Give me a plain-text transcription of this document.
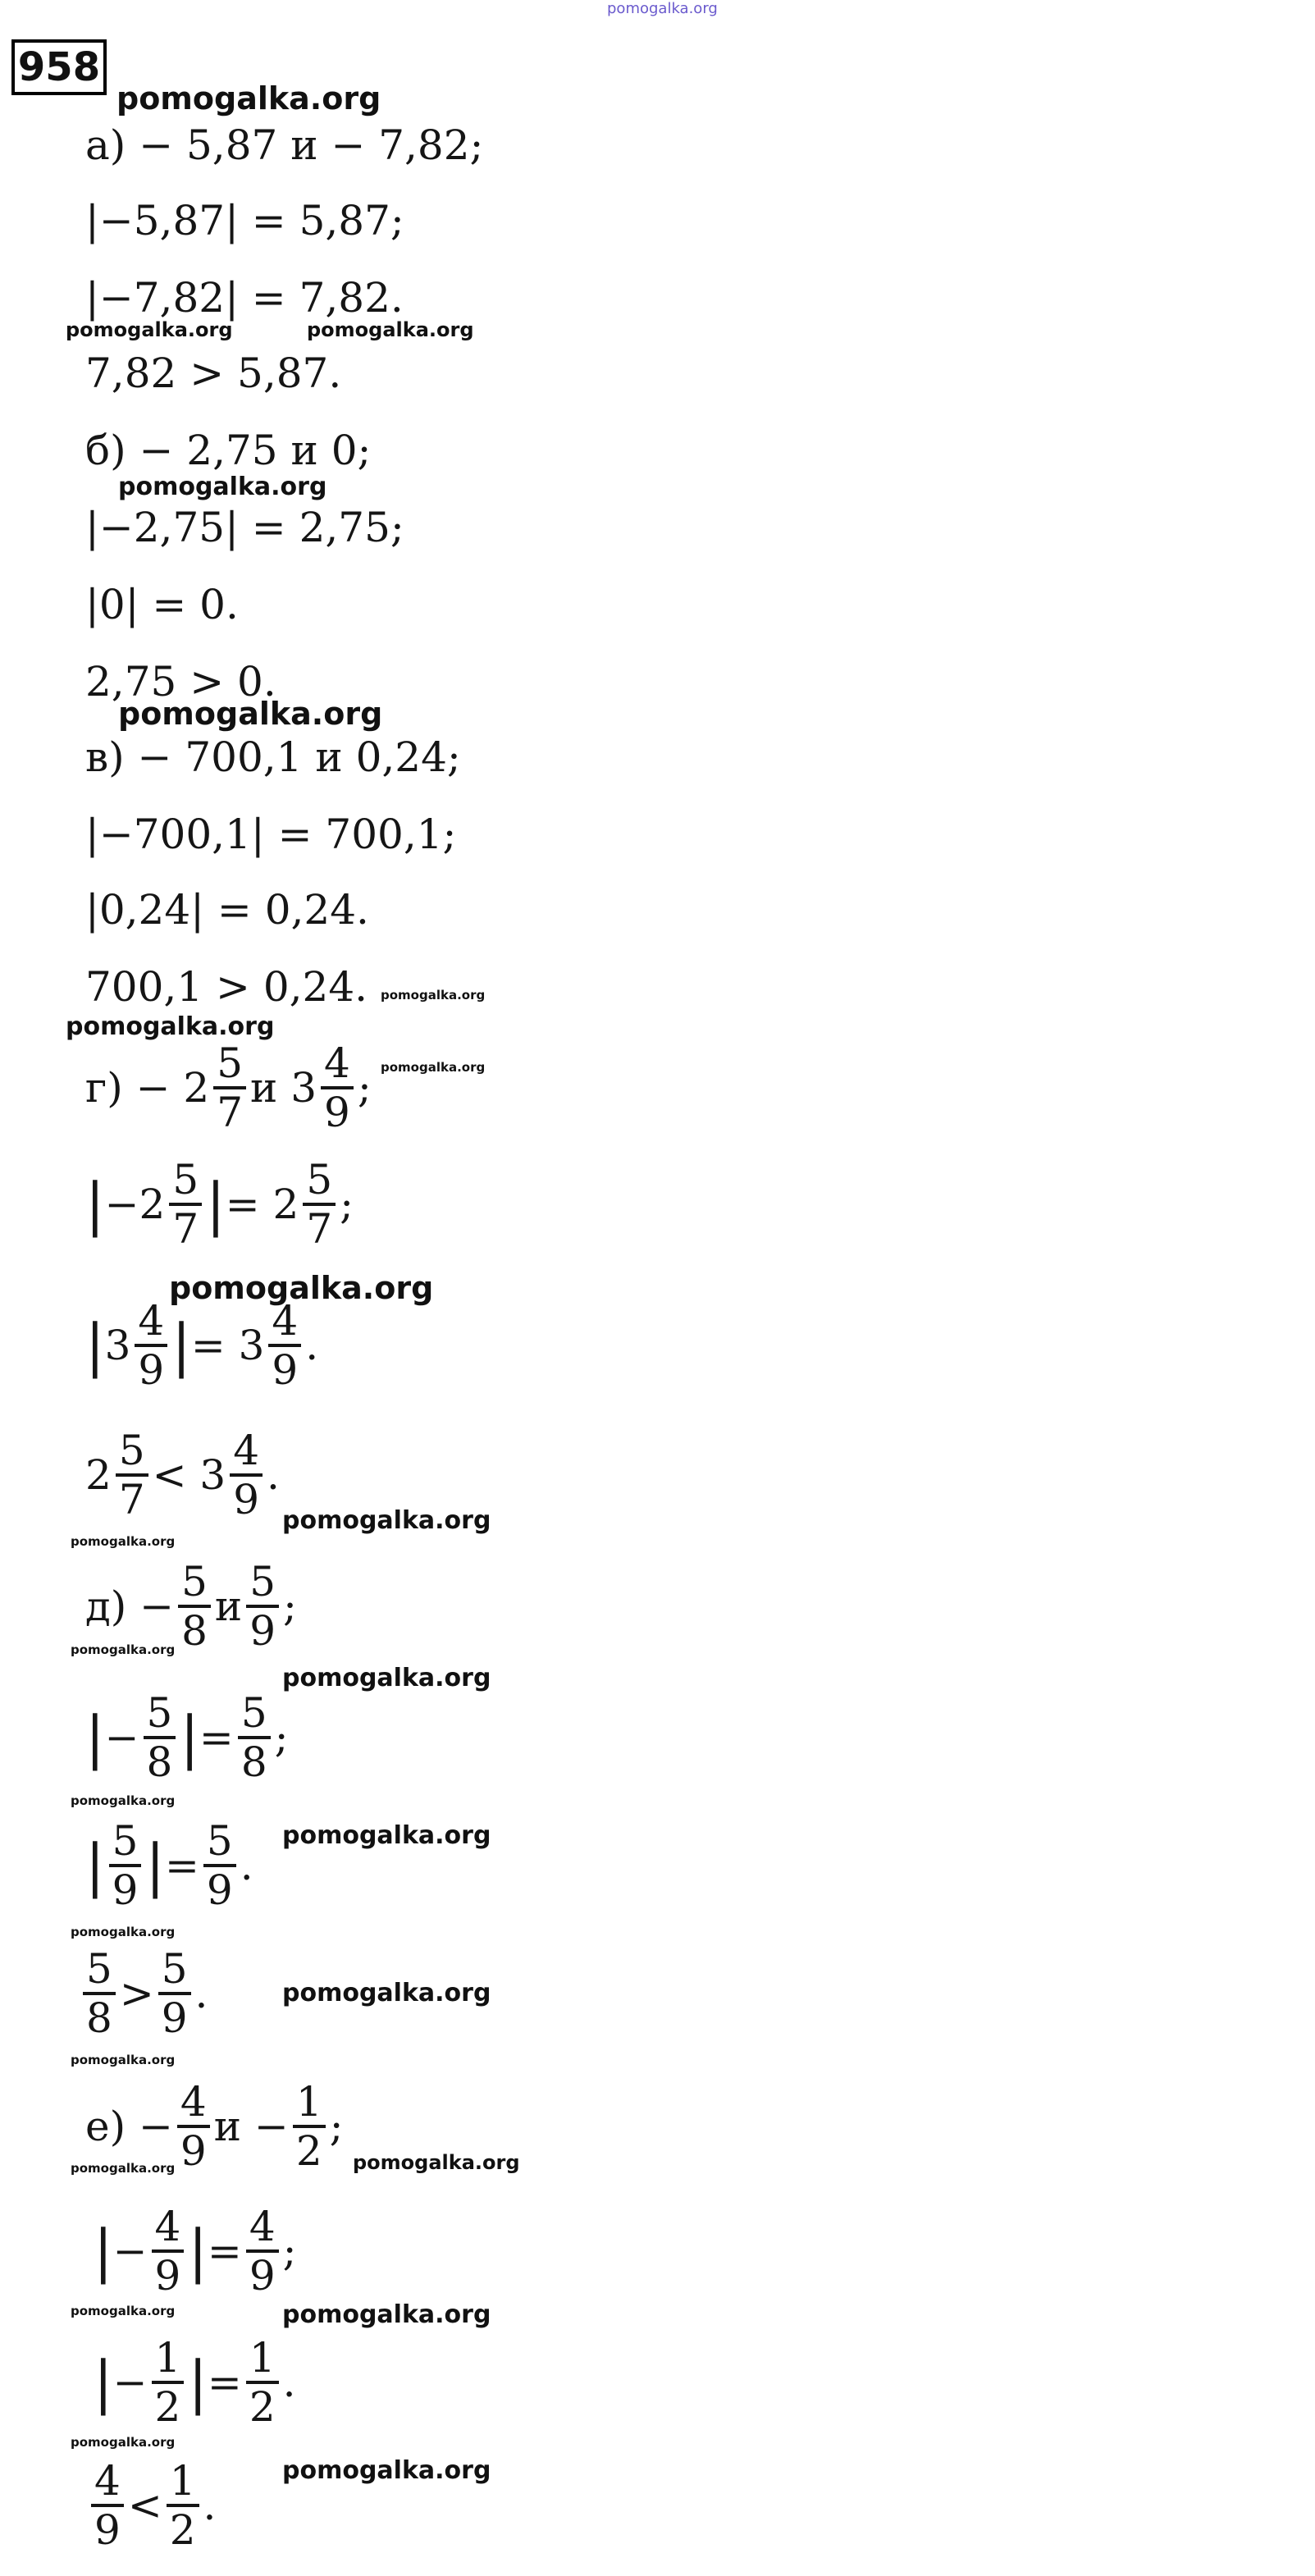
pomogalka.org
958
pomogalka.org
pomogalka.org	pomogalka.org
pomogalka.org
pomogalka.org
pomogalka.org
pomogalka.org
pomogalka.org
pomogalka.org
pomogalka.org
pomogalka.org
pomogalka.org
pomogalka.org
pomogalka.org
pomogalka.org
pomogalka.org
pomogalka.org
pomogalka.org
pomogalka.org	pomogalka.org
pomogalka.org	pomogalka.org
pomogalka.org
pomogalka.org
а) − 5,87 и − 7,82;
|−5,87| = 5,87;
|−7,82| = 7,82.
7,82 > 5,87.
б) − 2,75 и 0;
|−2,75| = 2,75;
|0| = 0.
2,75 > 0.
в) − 700,1 и 0,24;
|−700,1| = 700,1;
|0,24| = 0,24.
700,1 > 0,24.
$г) - 2 \frac{5}{7}$ и $3 \frac{4}{9}$ ;
$|-2 \frac{5}{7}$ |= $2 \frac{5}{7}$ ;
$|3 \frac{4}{9}$ |= $3 \frac{4}{9}$ .
$2 \frac{5}{7} < 3 \frac{4}{9}$ .
$д) - \frac{5}{8}$ и $\frac{5}{9}$ ;
|− $\frac{5}{8}$ |= $\frac{5}{8}$ ;
| $\frac{5}{9}$ |= $\frac{5}{9}$ .
$\frac{5}{8} > \frac{5}{9}$ .
$е) - \frac{4}{9}$ $и - \frac{1}{2}$ ;
|− $\frac{4}{9}$ |= $\frac{4}{9}$ ;
|− $\frac{1}{2}$ |= $\frac{1}{2}$ .
$\frac{4}{9} < \frac{1}{2}$ .
